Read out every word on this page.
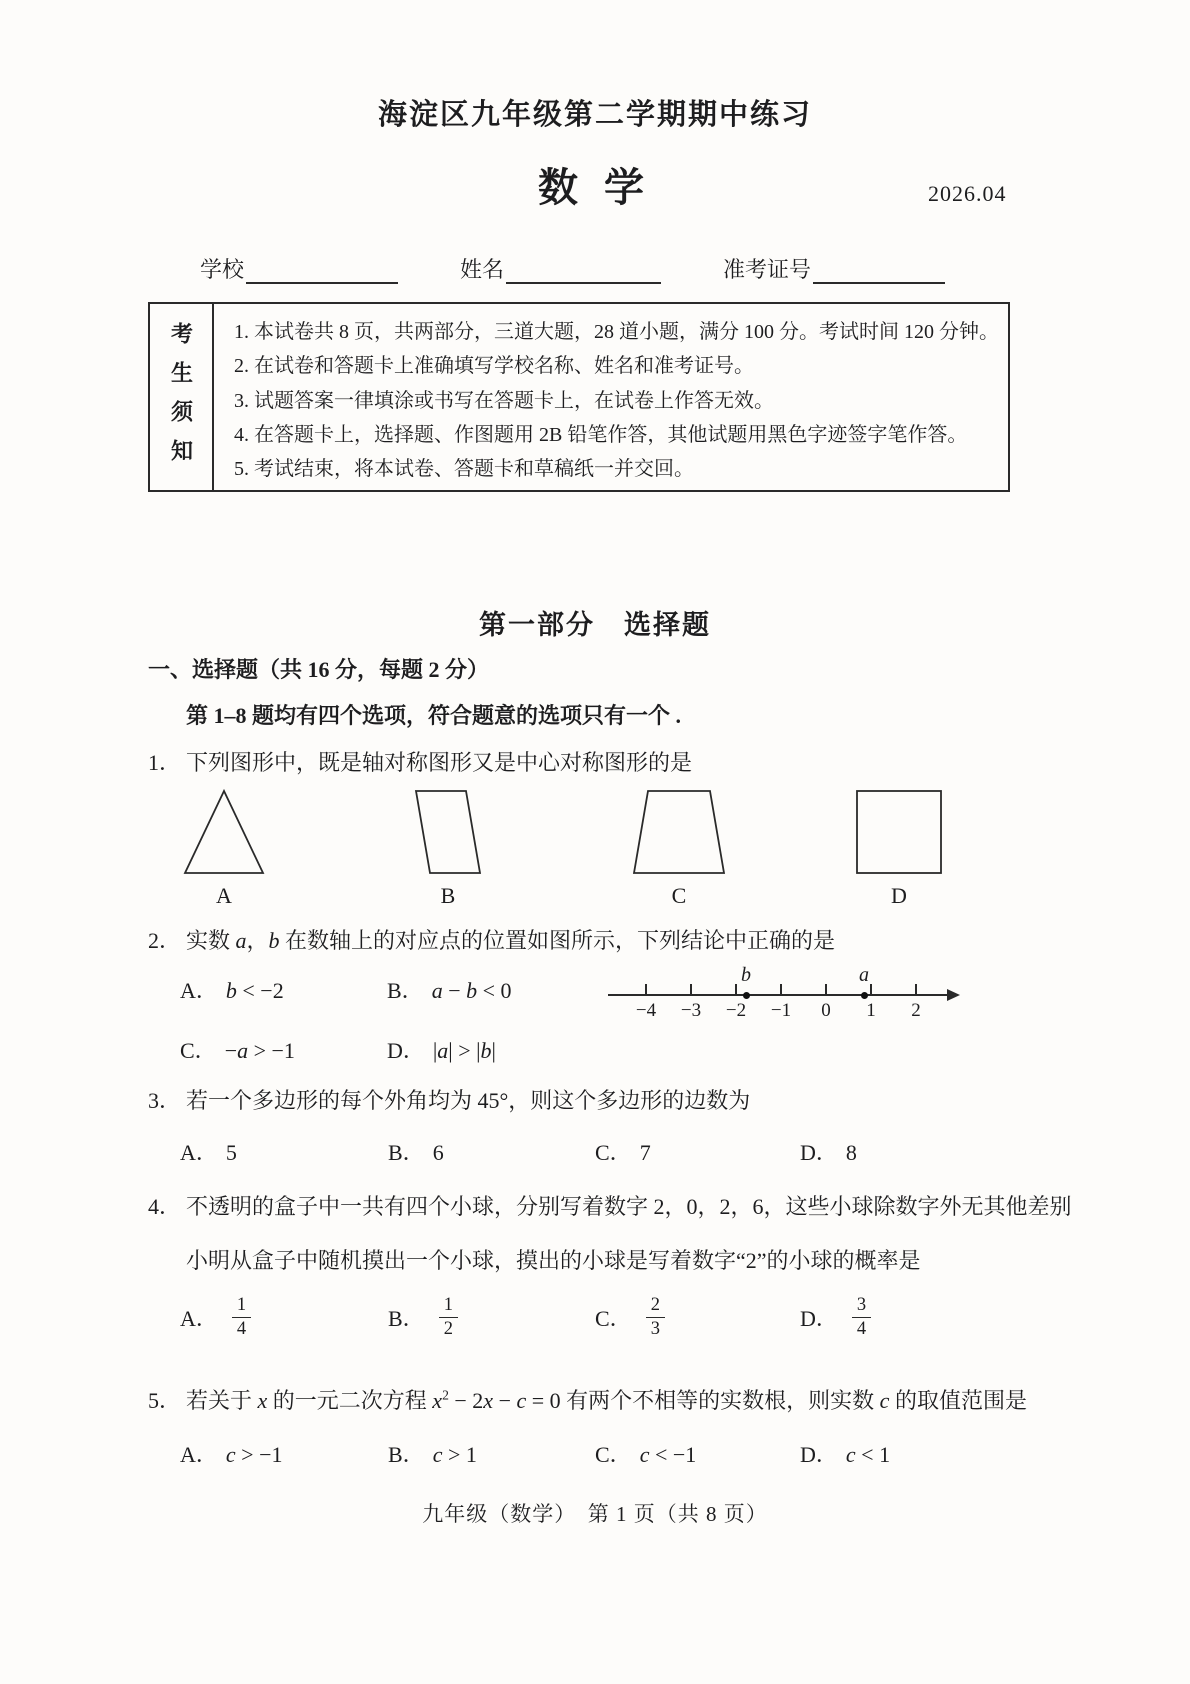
海淀区九年级第二学期期中练习
数 学	2026.04
学校	姓名	准考证号
考生须知 1. 本试卷共 8 页，共两部分，三道大题，28 道小题，满分 100 分。考试时间 120 分钟。
2. 在试卷和答题卡上准确填写学校名称、姓名和准考证号。
3. 试题答案一律填涂或书写在答题卡上，在试卷上作答无效。
4. 在答题卡上，选择题、作图题用 2B 铅笔作答，其他试题用黑色字迹签字笔作答。
5. 考试结束，将本试卷、答题卡和草稿纸一并交回。
第一部分　选择题
一、选择题（共 16 分，每题 2 分）
第 1–8 题均有四个选项，符合题意的选项只有一个 .
1． 下列图形中，既是轴对称图形又是中心对称图形的是
A	B	C	D
2． 实数 a，b 在数轴上的对应点的位置如图所示，下列结论中正确的是
A． b < −2	B． a − b < 0
C． −a > −1	D． |a| > |b|
−4	−3	−2	−1	0	1	2
b	a
3． 若一个多边形的每个外角均为 45°，则这个多边形的边数为
A． 5	B． 6	C． 7	D． 8
4． 不透明的盒子中一共有四个小球，分别写着数字 2，0，2，6，这些小球除数字外无其他差别
小明从盒子中随机摸出一个小球，摸出的小球是写着数字“2”的小球的概率是
A． $\frac{1}{4}$	B． $\frac{1}{2}$	C． $\frac{2}{3}$	D． $\frac{3}{4}$
5． 若关于 x 的一元二次方程 $x^2 - 2x - c = 0$ 有两个不相等的实数根，则实数 c 的取值范围是
A． c > −1	B． c > 1	C． c < −1	D． c < 1
九年级（数学）　第 1 页（共 8 页）
